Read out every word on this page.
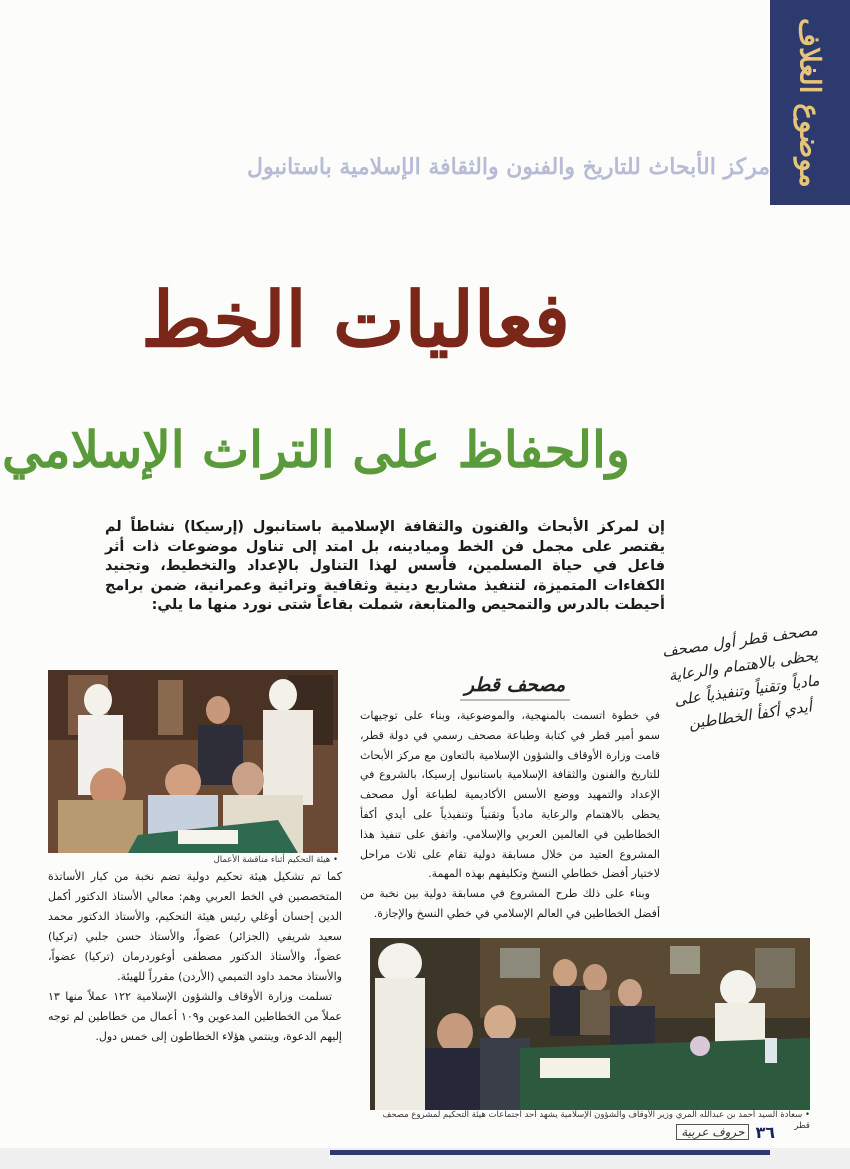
موضوع الغلاف
مركز الأبحاث للتاريخ والفنون والثقافة الإسلامية باستانبول
فعاليات الخط
والحفاظ على التراث الإسلامي
إن لمركز الأبحاث والفنون والثقافة الإسلامية باستانبول (إرسيكا) نشاطاً لم يقتصر على مجمل فن الخط وميادينه، بل امتد إلى تناول موضوعات ذات أثر فاعل في حياة المسلمين، فأسس لهذا التناول بالإعداد والتخطيط، وتجنيد الكفاءات المتميزة، لتنفيذ مشاريع دينية وثقافية وتراثية وعمرانية، ضمن برامج أحيطت بالدرس والتمحيص والمتابعة، شملت بقاعاً شتى نورد منها ما يلي:
مصحف قطر أول مصحف يحظى بالاهتمام والرعاية مادياً وتقنياً وتنفيذياً على أيدي أكفأ الخطاطين
• هيئة التحكيم أثناء مناقشة الأعمال
مصحف قطر

في خطوة اتسمت بالمنهجية، والموضوعية، وبناء على توجيهات سمو أمير قطر في كتابة وطباعة مصحف رسمي في دولة قطر، قامت وزارة الأوقاف والشؤون الإسلامية بالتعاون مع مركز الأبحاث للتاريخ والفنون والثقافة الإسلامية باستانبول إرسيكا، بالشروع في الإعداد والتمهيد ووضع الأسس الأكاديمية لطباعة أول مصحف يحظى بالاهتمام والرعاية مادياً وتقنياً وتنفيذياً على أيدي أكفأ الخطاطين في العالمين العربي والإسلامي. واتفق على تنفيذ هذا المشروع العتيد من خلال مسابقة دولية تقام على ثلاث مراحل لاختيار أفضل خطاطي النسخ وتكليفهم بهذه المهمة.

وبناء على ذلك طرح المشروع في مسابقة دولية بين نخبة من أفضل الخطاطين في العالم الإسلامي في خطي النسخ والإجازة.

كما تم تشكيل هيئة تحكيم دولية تضم نخبة من كبار الأساتذة المتخصصين في الخط العربي وهم: معالي الأستاذ الدكتور أكمل الدين إحسان أوغلي رئيس هيئة التحكيم، والأستاذ الدكتور محمد سعيد شريفي (الجزائر) عضواً، والأستاذ حسن جلبي (تركيا) عضواً، والأستاذ الدكتور مصطفى أوغوردرمان (تركيا) عضواً، والأستاذ محمد داود التميمي (الأردن) مقرراً للهيئة.

تسلمت وزارة الأوقاف والشؤون الإسلامية ١٢٢ عملاً منها ١٣ عملاً من الخطاطين المدعوين و١٠٩ أعمال من خطاطين لم توجه إليهم الدعوة، وينتمي هؤلاء الخطاطون إلى خمس دول.

• سعادة السيد أحمد بن عبدالله المري وزير الأوقاف والشؤون الإسلامية يشهد أحد اجتماعات هيئة التحكيم لمشروع مصحف قطر
٣٦
حروف عربية
